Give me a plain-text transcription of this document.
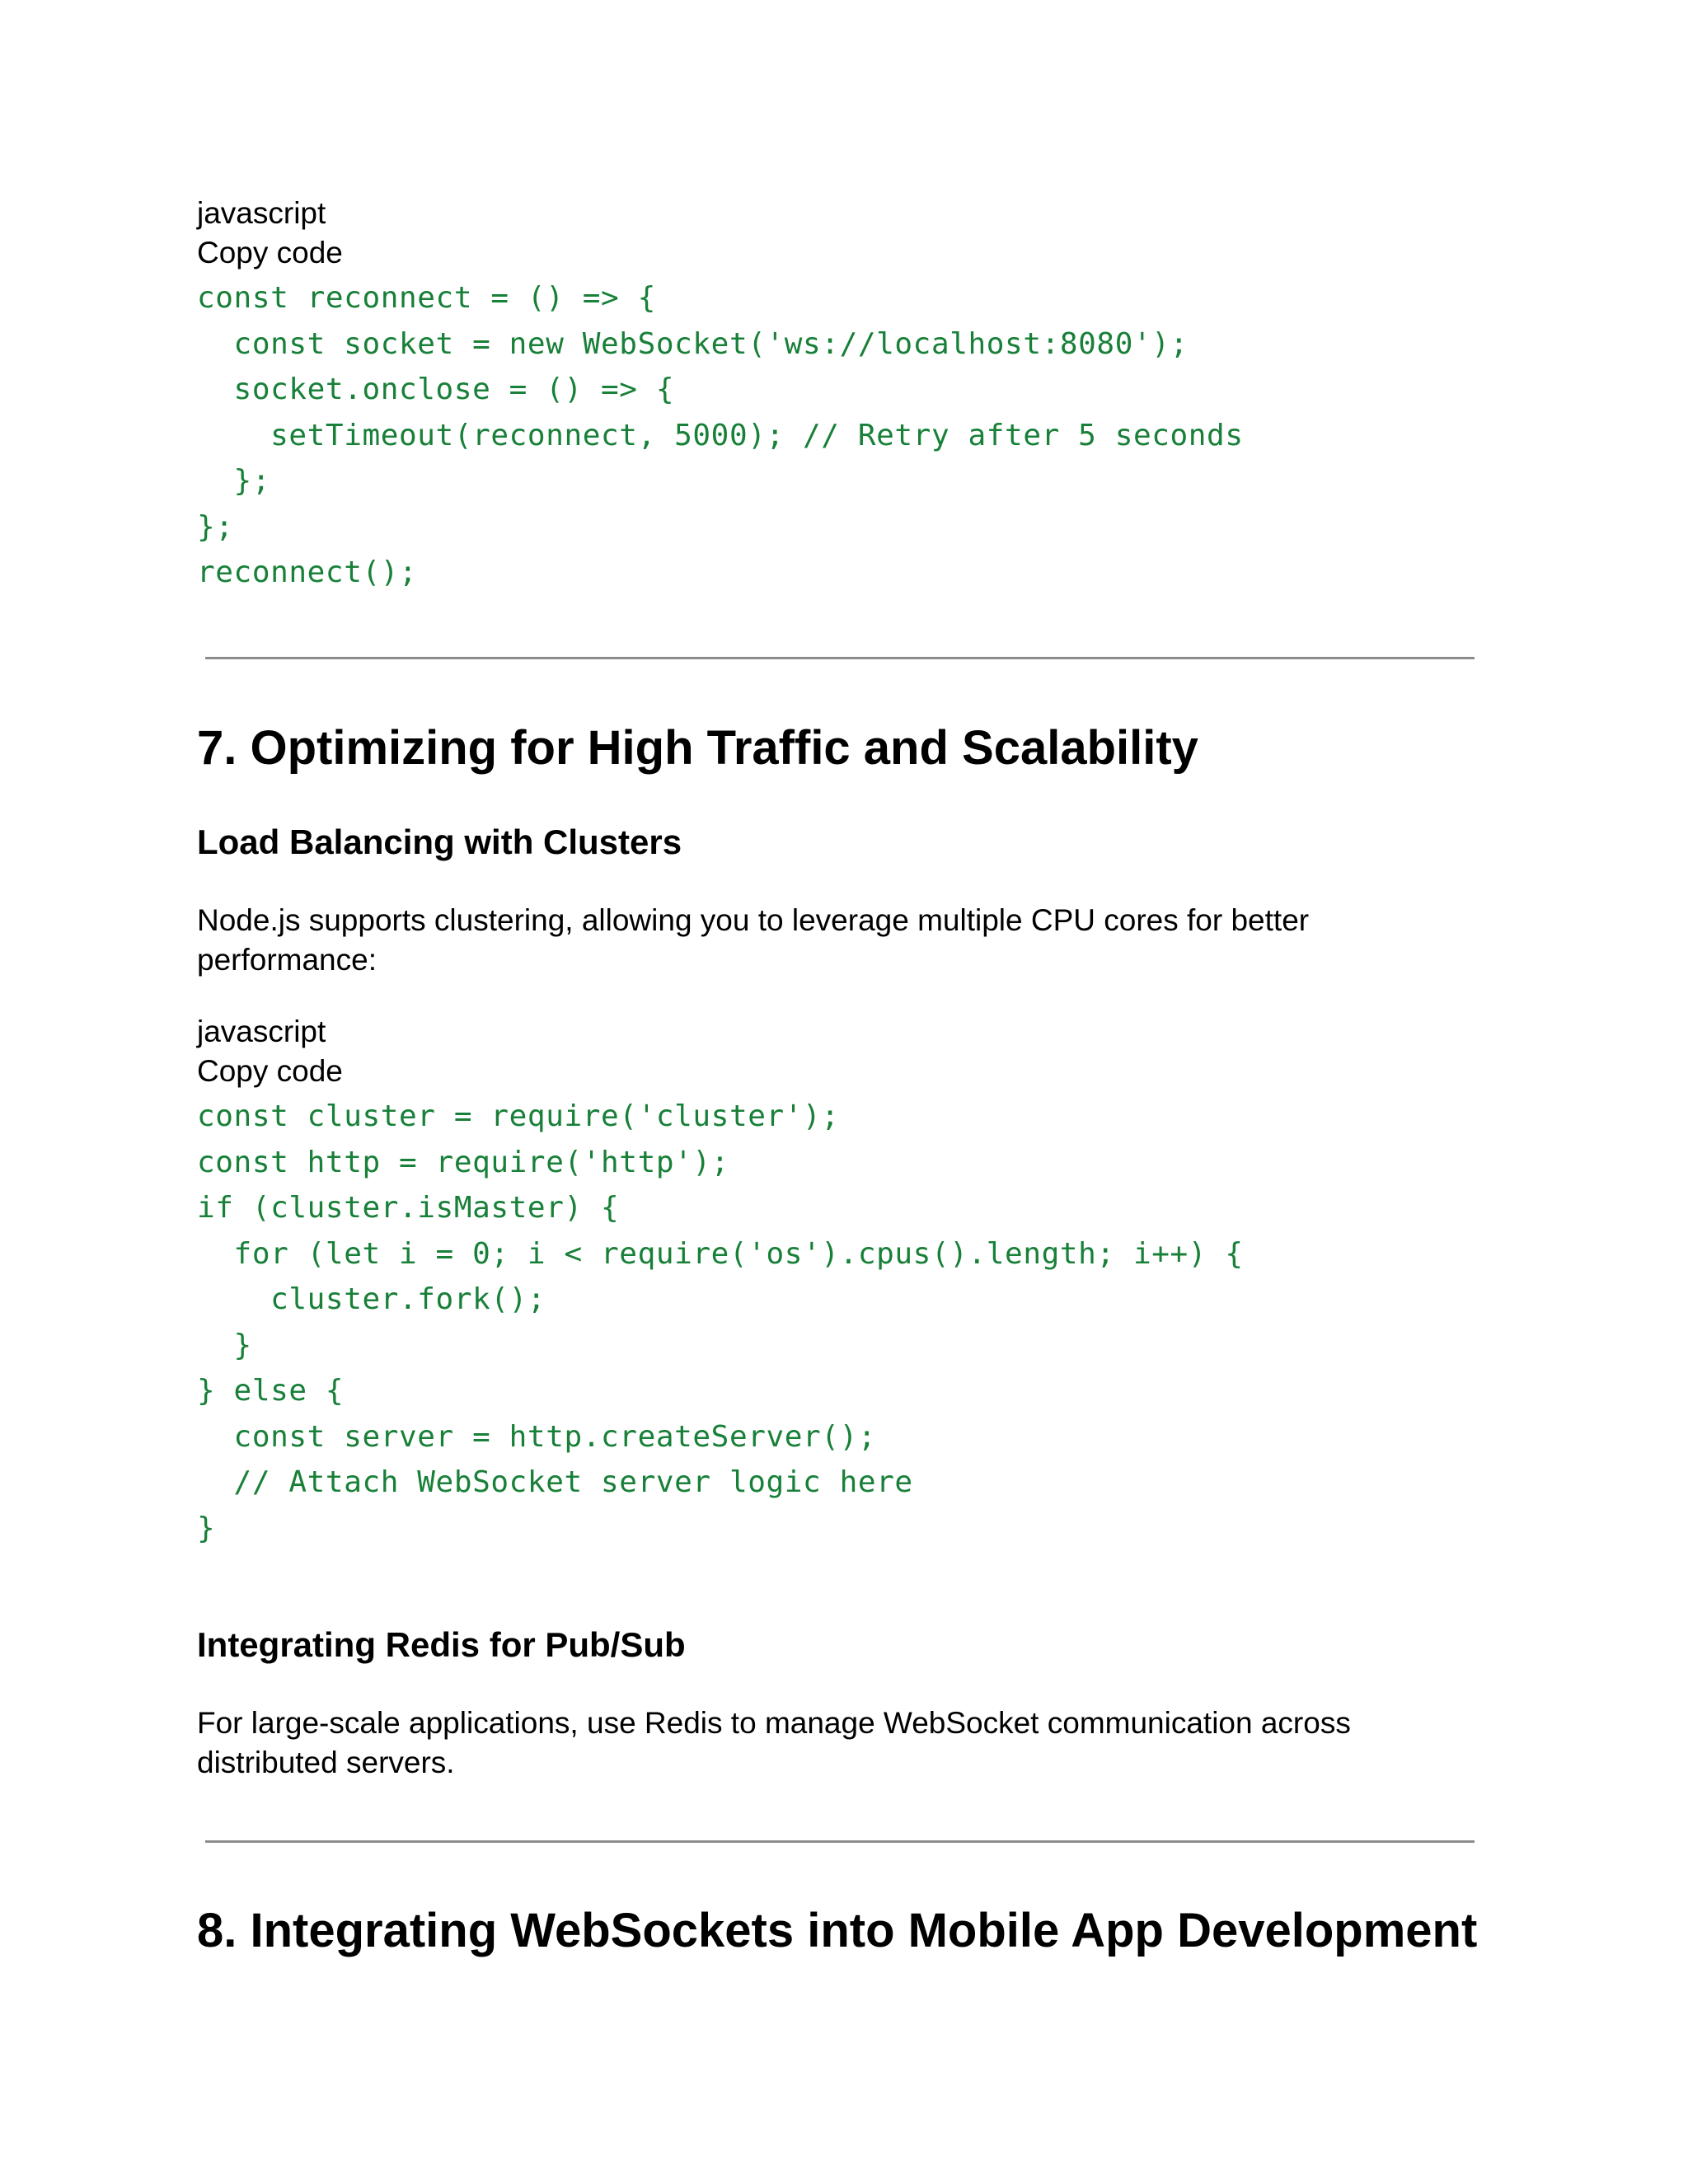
javascript
Copy code
const reconnect = () => {
const socket = new WebSocket('ws://localhost:8080');
socket.onclose = () => {
setTimeout(reconnect, 5000); // Retry after 5 seconds
};
};
reconnect();
7. Optimizing for High Traffic and Scalability
Load Balancing with Clusters

Node.js supports clustering, allowing you to leverage multiple CPU cores for better performance:

javascript
Copy code
const cluster = require('cluster');
const http = require('http');
if (cluster.isMaster) {
for (let i = 0; i < require('os').cpus().length; i++) {
cluster.fork();
}
} else {
const server = http.createServer();
// Attach WebSocket server logic here
}
Integrating Redis for Pub/Sub

For large-scale applications, use Redis to manage WebSocket communication across distributed servers.

8. Integrating WebSockets into Mobile App Development
